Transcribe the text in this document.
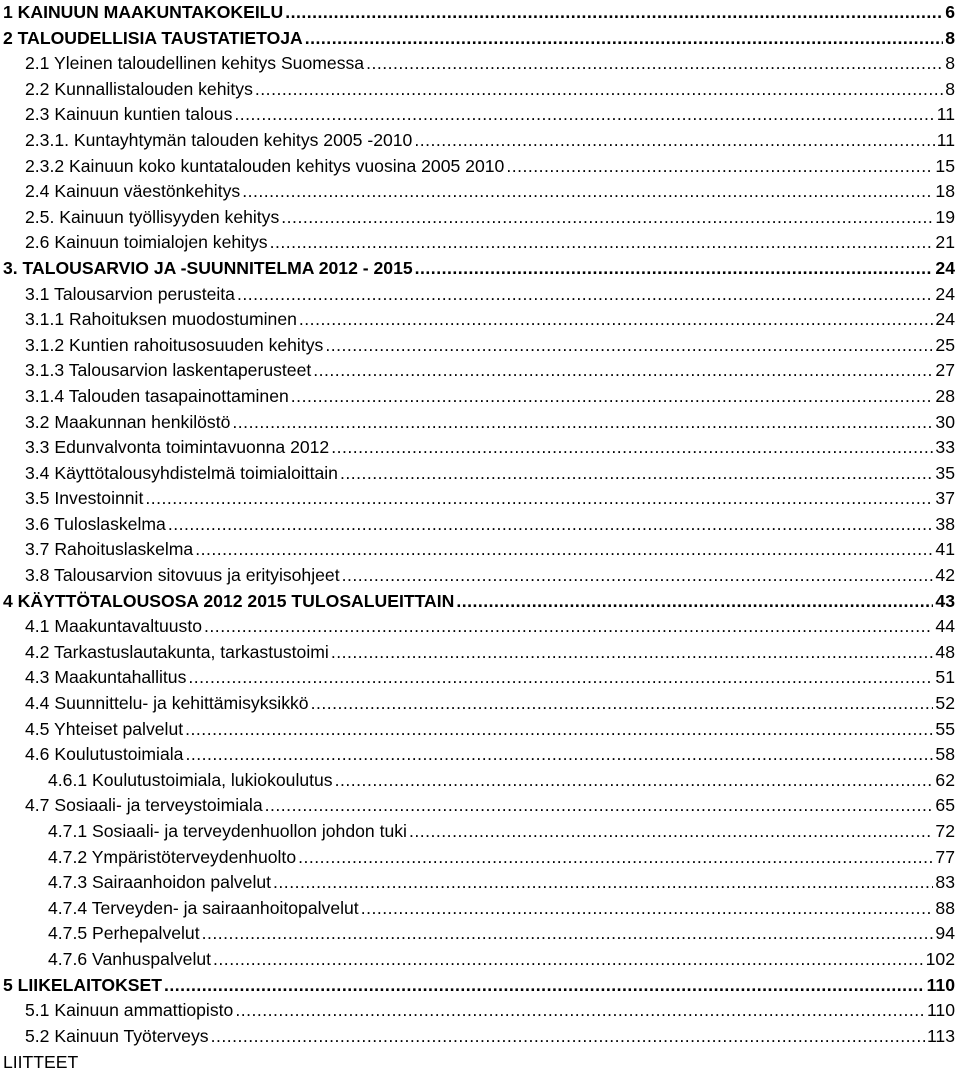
1 KAINUUN MAAKUNTAKOKEILU .....	6
2 TALOUDELLISIA TAUSTATIETOJA .....	8
2.1 Yleinen taloudellinen kehitys Suomessa .....	8
2.2 Kunnallistalouden kehitys .....	8
2.3 Kainuun kuntien talous .....	11
2.3.1. Kuntayhtymän talouden kehitys 2005 -2010 .....	11
2.3.2 Kainuun koko kuntatalouden kehitys vuosina 2005 2010 .....	15
2.4 Kainuun väestönkehitys .....	18
2.5. Kainuun työllisyyden kehitys .....	19
2.6 Kainuun toimialojen kehitys .....	21
3. TALOUSARVIO JA -SUUNNITELMA 2012 - 2015 .....	24
3.1 Talousarvion perusteita .....	24
3.1.1 Rahoituksen muodostuminen .....	24
3.1.2 Kuntien rahoitusosuuden kehitys .....	25
3.1.3 Talousarvion laskentaperusteet .....	27
3.1.4 Talouden tasapainottaminen .....	28
3.2 Maakunnan henkilöstö .....	30
3.3 Edunvalvonta toimintavuonna 2012 .....	33
3.4 Käyttötalousyhdistelmä toimialoittain .....	35
3.5 Investoinnit .....	37
3.6 Tuloslaskelma .....	38
3.7 Rahoituslaskelma .....	41
3.8 Talousarvion sitovuus ja erityisohjeet .....	42
4 KÄYTTÖTALOUSOSA 2012 2015 TULOSALUEITTAIN .....	43
4.1 Maakuntavaltuusto .....	44
4.2 Tarkastuslautakunta, tarkastustoimi .....	48
4.3 Maakuntahallitus .....	51
4.4 Suunnittelu- ja kehittämisyksikkö .....	52
4.5 Yhteiset palvelut .....	55
4.6 Koulutustoimiala .....	58
4.6.1 Koulutustoimiala, lukiokoulutus .....	62
4.7 Sosiaali- ja terveystoimiala .....	65
4.7.1 Sosiaali- ja terveydenhuollon johdon tuki .....	72
4.7.2 Ympäristöterveydenhuolto .....	77
4.7.3 Sairaanhoidon palvelut .....	83
4.7.4 Terveyden- ja sairaanhoitopalvelut .....	88
4.7.5 Perhepalvelut .....	94
4.7.6 Vanhuspalvelut .....	102
5 LIIKELAITOKSET .....	110
5.1 Kainuun ammattiopisto .....	110
5.2 Kainuun Työterveys .....	113
LIITTEET
